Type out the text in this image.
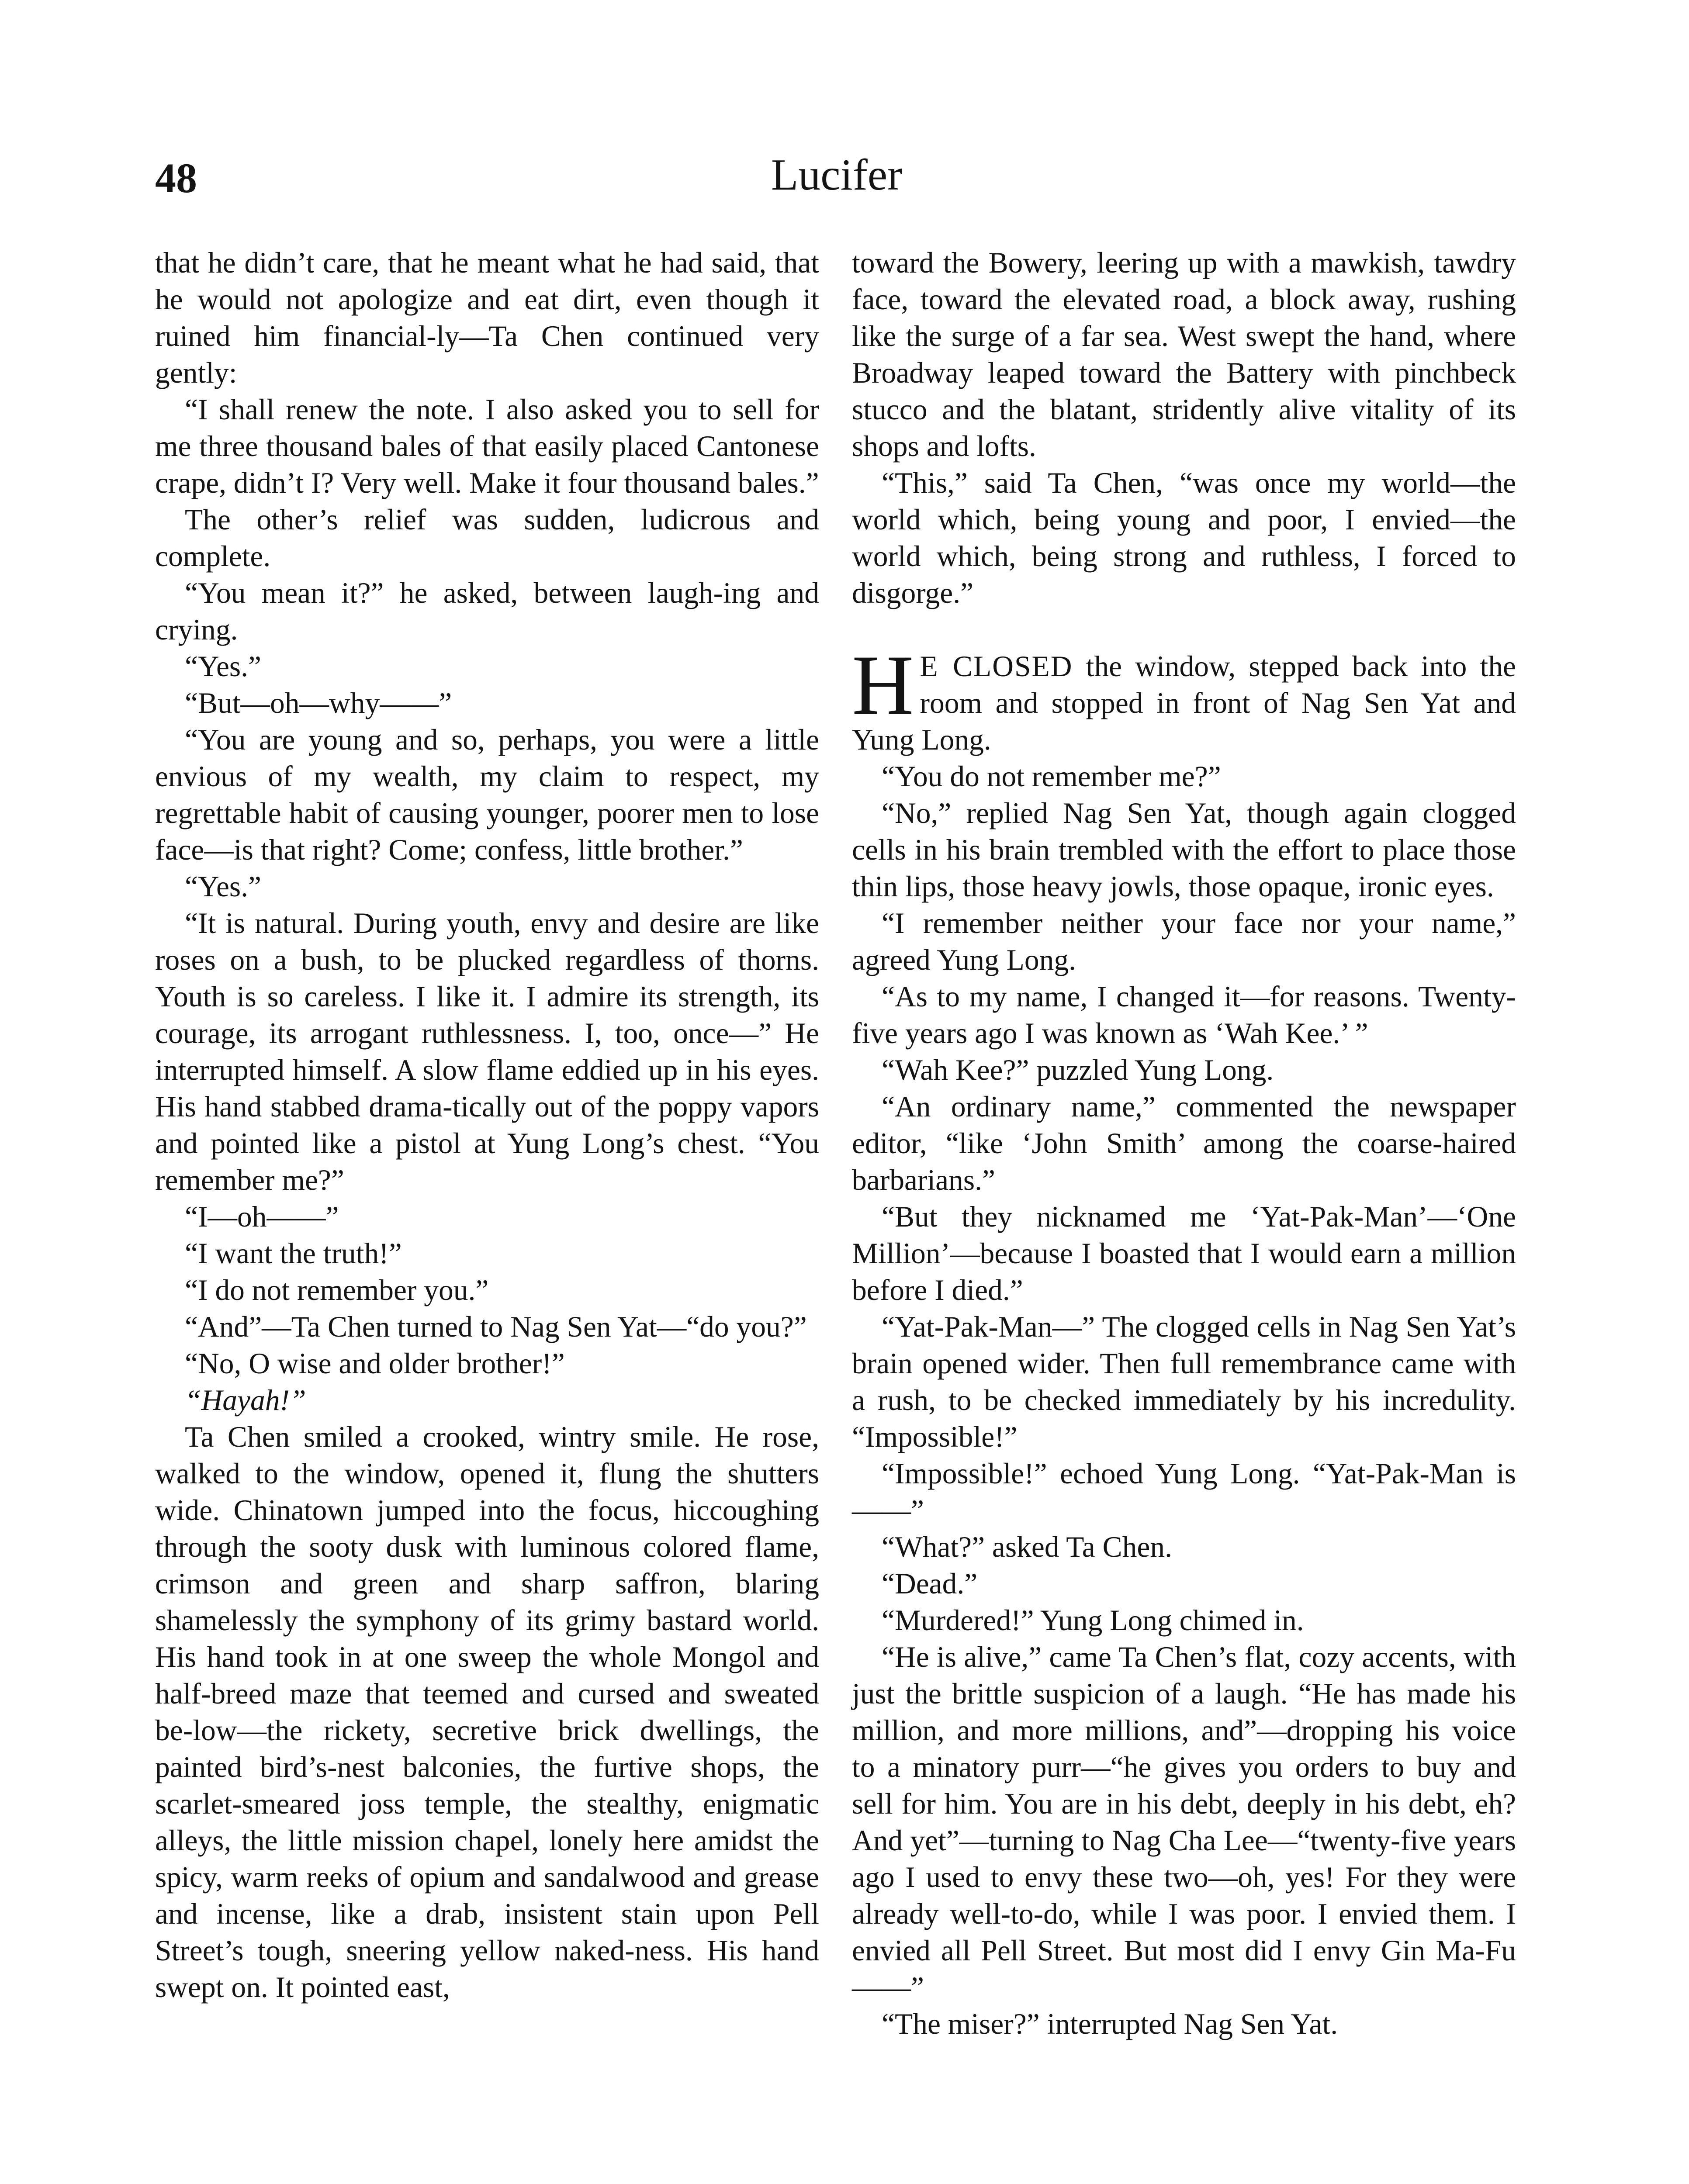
48	Lucifer

that he didn’t care, that he meant what he had said, that he would not apologize and eat dirt, even though it ruined him financial-ly—Ta Chen continued very gently:

“I shall renew the note. I also asked you to sell for me three thousand bales of that easily placed Cantonese crape, didn’t I? Very well. Make it four thousand bales.”

The other’s relief was sudden, ludicrous and complete.

“You mean it?” he asked, between laugh-ing and crying.

“Yes.”

“But—oh—why——”

“You are young and so, perhaps, you were a little envious of my wealth, my claim to respect, my regrettable habit of causing younger, poorer men to lose face—is that right? Come; confess, little brother.”

“Yes.”

“It is natural. During youth, envy and desire are like roses on a bush, to be plucked regardless of thorns. Youth is so careless. I like it. I admire its strength, its courage, its arrogant ruthlessness. I, too, once—” He interrupted himself. A slow flame eddied up in his eyes. His hand stabbed drama-tically out of the poppy vapors and pointed like a pistol at Yung Long’s chest. “You remember me?”

“I—oh——”

“I want the truth!”

“I do not remember you.”

“And”—Ta Chen turned to Nag Sen Yat—“do you?”

“No, O wise and older brother!”

“Hayah!”

Ta Chen smiled a crooked, wintry smile. He rose, walked to the window, opened it, flung the shutters wide. Chinatown jumped into the focus, hiccoughing through the sooty dusk with luminous colored flame, crimson and green and sharp saffron, blaring shamelessly the symphony of its grimy bastard world. His hand took in at one sweep the whole Mongol and half-breed maze that teemed and cursed and sweated be-low—the rickety, secretive brick dwellings, the painted bird’s-nest balconies, the furtive shops, the scarlet-smeared joss temple, the stealthy, enigmatic alleys, the little mission chapel, lonely here amidst the spicy, warm reeks of opium and sandalwood and grease and incense, like a drab, insistent stain upon Pell Street’s tough, sneering yellow naked-ness. His hand swept on. It pointed east,

toward the Bowery, leering up with a mawkish, tawdry face, toward the elevated road, a block away, rushing like the surge of a far sea. West swept the hand, where Broadway leaped toward the Battery with pinchbeck stucco and the blatant, stridently alive vitality of its shops and lofts.

“This,” said Ta Chen, “was once my world—the world which, being young and poor, I envied—the world which, being strong and ruthless, I forced to disgorge.”

H E CLOSED the window, stepped back into the room and stopped in front of Nag Sen Yat and Yung Long.

“You do not remember me?”

“No,” replied Nag Sen Yat, though again clogged cells in his brain trembled with the effort to place those thin lips, those heavy jowls, those opaque, ironic eyes.

“I remember neither your face nor your name,” agreed Yung Long.

“As to my name, I changed it—for reasons. Twenty-five years ago I was known as ‘Wah Kee.’ ”

“Wah Kee?” puzzled Yung Long.

“An ordinary name,” commented the newspaper editor, “like ‘John Smith’ among the coarse-haired barbarians.”

“But they nicknamed me ‘Yat-Pak-Man’—‘One Million’—because I boasted that I would earn a million before I died.”

“Yat-Pak-Man—” The clogged cells in Nag Sen Yat’s brain opened wider. Then full remembrance came with a rush, to be checked immediately by his incredulity. “Impossible!”

“Impossible!” echoed Yung Long. “Yat-Pak-Man is——”

“What?” asked Ta Chen.

“Dead.”

“Murdered!” Yung Long chimed in.

“He is alive,” came Ta Chen’s flat, cozy accents, with just the brittle suspicion of a laugh. “He has made his million, and more millions, and”—dropping his voice to a minatory purr—“he gives you orders to buy and sell for him. You are in his debt, deeply in his debt, eh? And yet”—turning to Nag Cha Lee—“twenty-five years ago I used to envy these two—oh, yes! For they were already well-to-do, while I was poor. I envied them. I envied all Pell Street. But most did I envy Gin Ma-Fu——”

“The miser?” interrupted Nag Sen Yat.
